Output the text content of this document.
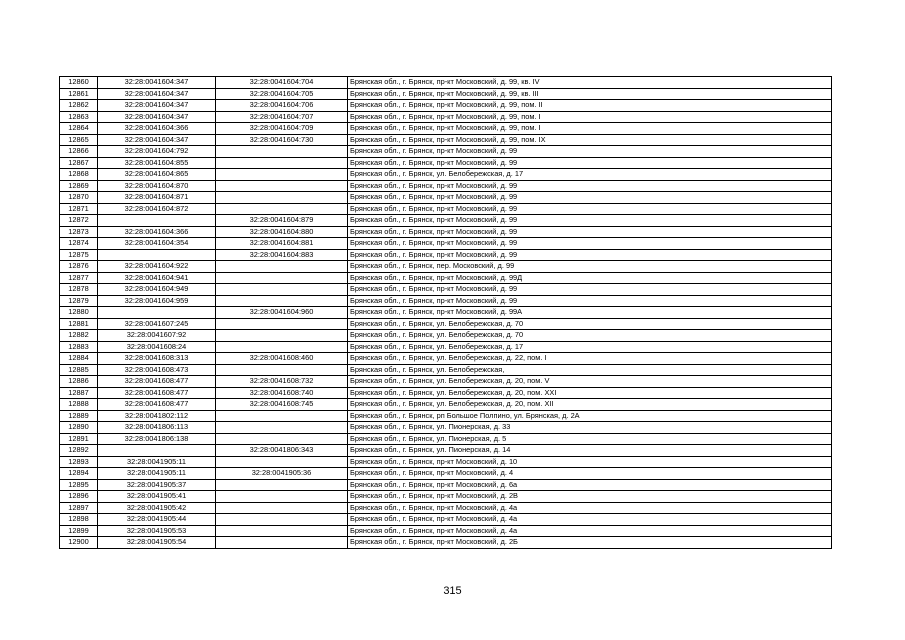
12860	32:28:0041604:347	32:28:0041604:704	Брянская обл., г. Брянск, пр-кт Московский, д. 99, кв. IV
12861	32:28:0041604:347	32:28:0041604:705	Брянская обл., г. Брянск, пр-кт Московский, д. 99, кв. III
12862	32:28:0041604:347	32:28:0041604:706	Брянская обл., г. Брянск, пр-кт Московский, д. 99, пом. II
12863	32:28:0041604:347	32:28:0041604:707	Брянская обл., г. Брянск, пр-кт Московский, д. 99, пом. I
12864	32:28:0041604:366	32:28:0041604:709	Брянская обл., г. Брянск, пр-кт Московский, д. 99, пом. I
12865	32:28:0041604:347	32:28:0041604:730	Брянская обл., г. Брянск, пр-кт Московский, д. 99, пом. IX
12866	32:28:0041604:792		Брянская обл., г. Брянск, пр-кт Московский, д. 99
12867	32:28:0041604:855		Брянская обл., г. Брянск, пр-кт Московский, д. 99
12868	32:28:0041604:865		Брянская обл., г. Брянск, ул. Белобережская, д. 17
12869	32:28:0041604:870		Брянская обл., г. Брянск, пр-кт Московский, д. 99
12870	32:28:0041604:871		Брянская обл., г. Брянск, пр-кт Московский, д. 99
12871	32:28:0041604:872		Брянская обл., г. Брянск, пр-кт Московский, д. 99
12872		32:28:0041604:879	Брянская обл., г. Брянск, пр-кт Московский, д. 99
12873	32:28:0041604:366	32:28:0041604:880	Брянская обл., г. Брянск, пр-кт Московский, д. 99
12874	32:28:0041604:354	32:28:0041604:881	Брянская обл., г. Брянск, пр-кт Московский, д. 99
12875		32:28:0041604:883	Брянская обл., г. Брянск, пр-кт Московский, д. 99
12876	32:28:0041604:922		Брянская обл., г. Брянск, пер. Московский, д. 99
12877	32:28:0041604:941		Брянская обл., г. Брянск, пр-кт Московский, д. 99Д
12878	32:28:0041604:949		Брянская обл., г. Брянск, пр-кт Московский, д. 99
12879	32:28:0041604:959		Брянская обл., г. Брянск, пр-кт Московский, д. 99
12880		32:28:0041604:960	Брянская обл., г. Брянск, пр-кт Московский, д. 99А
12881	32:28:0041607:245		Брянская обл., г. Брянск, ул. Белобережская, д. 70
12882	32:28:0041607:92		Брянская обл., г. Брянск, ул. Белобережская, д. 70
12883	32:28:0041608:24		Брянская обл., г. Брянск, ул. Белобережская, д. 17
12884	32:28:0041608:313	32:28:0041608:460	Брянская обл., г. Брянск, ул. Белобережская, д. 22, пом. I
12885	32:28:0041608:473		Брянская обл., г. Брянск, ул. Белобережская,
12886	32:28:0041608:477	32:28:0041608:732	Брянская обл., г. Брянск, ул. Белобережская, д. 20, пом. V
12887	32:28:0041608:477	32:28:0041608:740	Брянская обл., г. Брянск, ул. Белобережская, д. 20, пом. XXI
12888	32:28:0041608:477	32:28:0041608:745	Брянская обл., г. Брянск, ул. Белобережская, д. 20, пом. XII
12889	32:28:0041802:112		Брянская обл., г. Брянск, рп Большое Полпино, ул. Брянская, д. 2А
12890	32:28:0041806:113		Брянская обл., г. Брянск, ул. Пионерская, д. 33
12891	32:28:0041806:138		Брянская обл., г. Брянск, ул. Пионерская, д. 5
12892		32:28:0041806:343	Брянская обл., г. Брянск, ул. Пионерская, д. 14
12893	32:28:0041905:11		Брянская обл., г. Брянск, пр-кт Московский, д. 10
12894	32:28:0041905:11	32:28:0041905:36	Брянская обл., г. Брянск, пр-кт Московский, д. 4
12895	32:28:0041905:37		Брянская обл., г. Брянск, пр-кт Московский, д. 6а
12896	32:28:0041905:41		Брянская обл., г. Брянск, пр-кт Московский, д. 2В
12897	32:28:0041905:42		Брянская обл., г. Брянск, пр-кт Московский, д. 4а
12898	32:28:0041905:44		Брянская обл., г. Брянск, пр-кт Московский, д. 4а
12899	32:28:0041905:53		Брянская обл., г. Брянск, пр-кт Московский, д. 4а
12900	32:28:0041905:54		Брянская обл., г. Брянск, пр-кт Московский, д. 2Б
315
